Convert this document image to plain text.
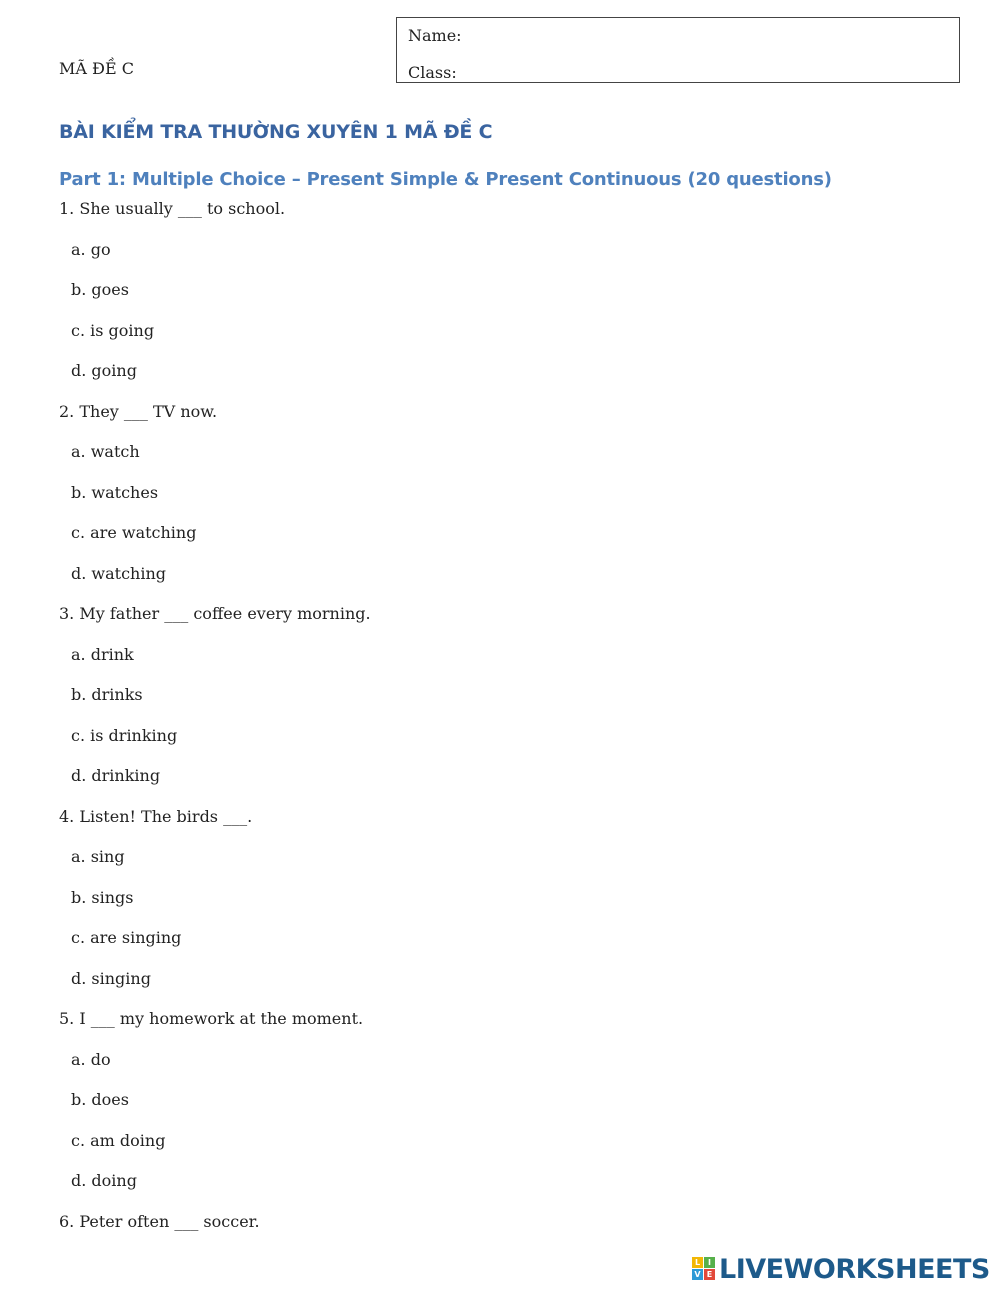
MÃ ĐỀ C
Name:
Class:
BÀI KIỂM TRA THƯỜNG XUYÊN 1 MÃ ĐỀ C
Part 1: Multiple Choice – Present Simple & Present Continuous (20 questions)
1. She usually ___ to school.
a. go
b. goes
c. is going
d. going
2. They ___ TV now.
a. watch
b. watches
c. are watching
d. watching
3. My father ___ coffee every morning.
a. drink
b. drinks
c. is drinking
d. drinking
4. Listen! The birds ___.
a. sing
b. sings
c. are singing
d. singing
5. I ___ my homework at the moment.
a. do
b. does
c. am doing
d. doing
6. Peter often ___ soccer.
L I
V E LIVEWORKSHEETS
